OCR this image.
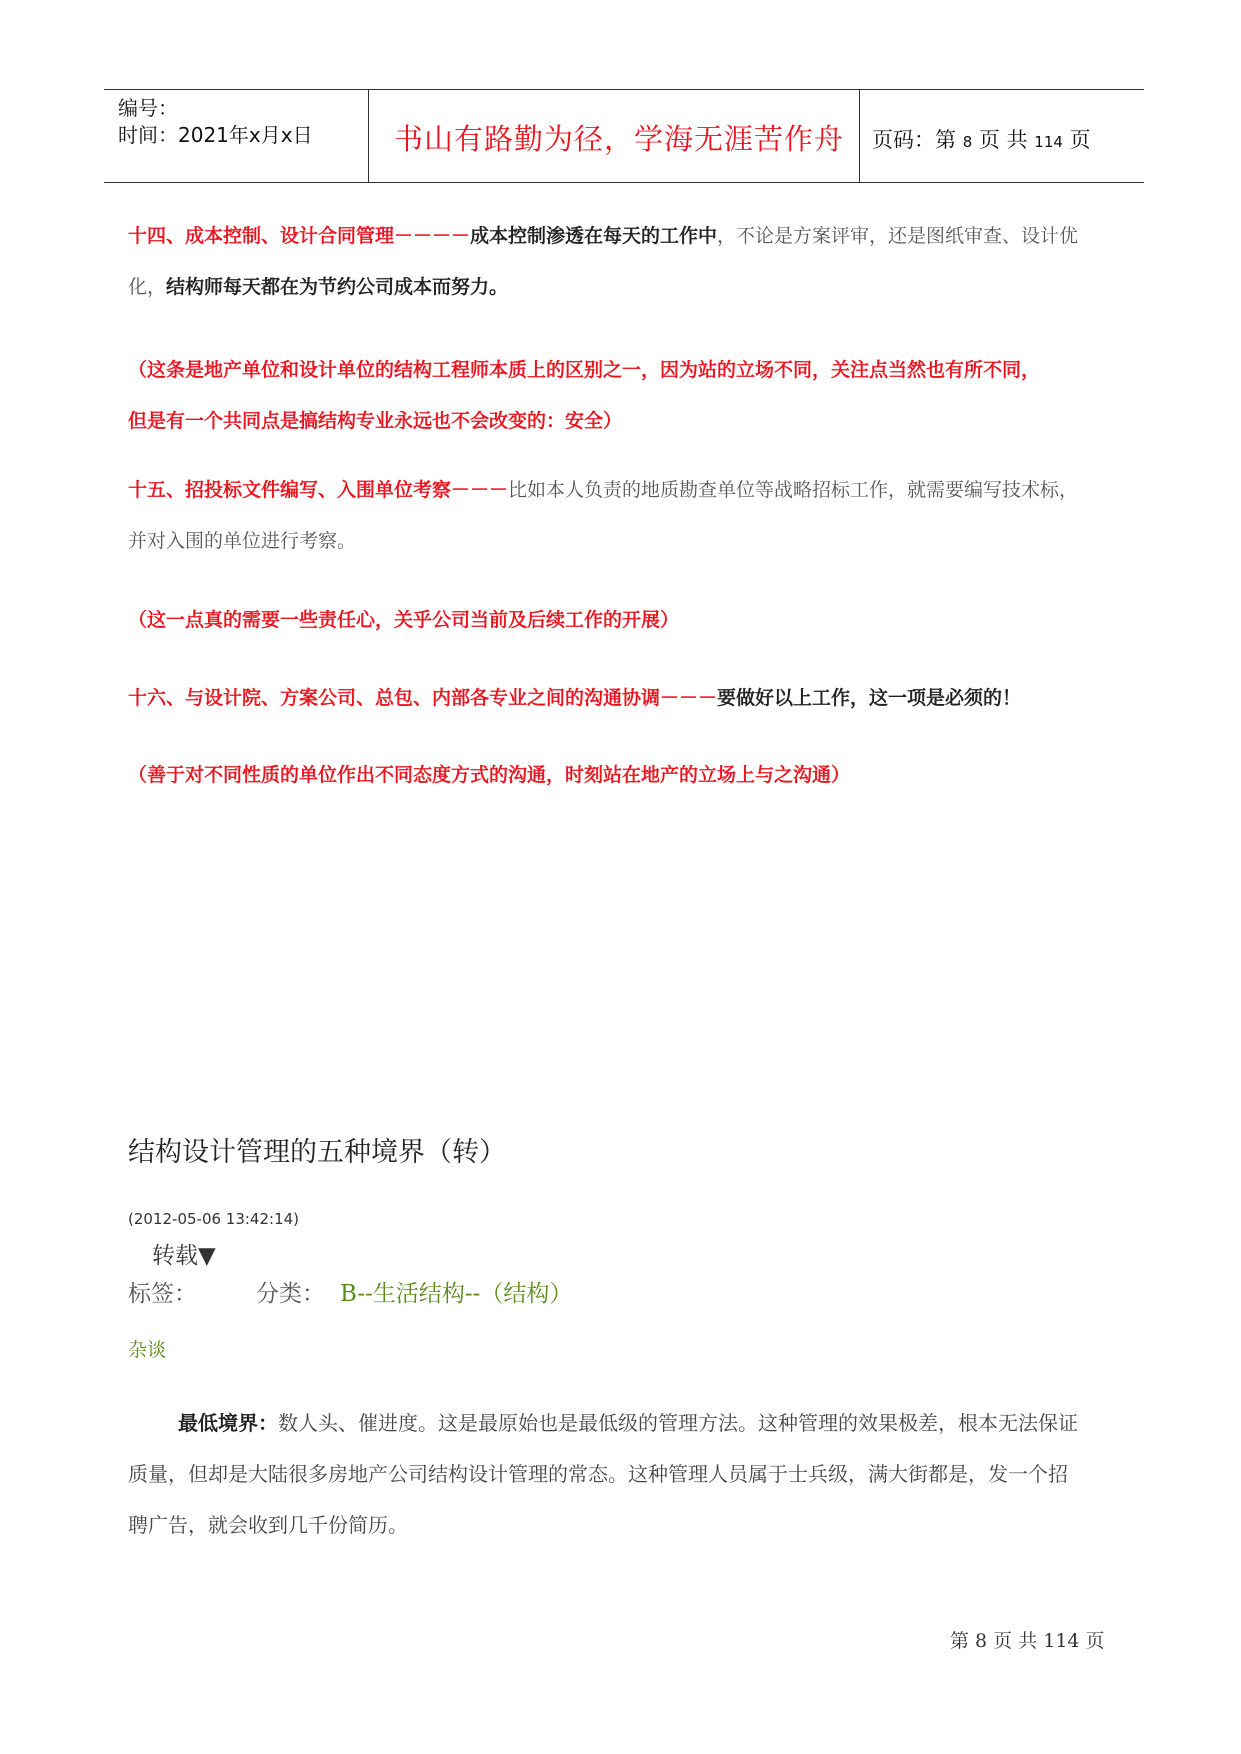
编号：
时间：2021年x月x日	书山有路勤为径，学海无涯苦作舟 页码：第 8 页 共 114 页
十四、成本控制、设计合同管理－－－－成本控制渗透在每天的工作中，不论是方案评审，还是图纸审查、设计优
化，结构师每天都在为节约公司成本而努力。
（这条是地产单位和设计单位的结构工程师本质上的区别之一，因为站的立场不同，关注点当然也有所不同，
但是有一个共同点是搞结构专业永远也不会改变的：安全）
十五、招投标文件编写、入围单位考察－－－比如本人负责的地质勘查单位等战略招标工作，就需要编写技术标，
并对入围的单位进行考察。
（这一点真的需要一些责任心，关乎公司当前及后续工作的开展）
十六、与设计院、方案公司、总包、内部各专业之间的沟通协调－－－要做好以上工作，这一项是必须的！
（善于对不同性质的单位作出不同态度方式的沟通，时刻站在地产的立场上与之沟通）
结构设计管理的五种境界（转）
(2012-05-06 13:42:14)
转载▼
标签：	分类： B--生活结构--（结构）
杂谈
最低境界：数人头、催进度。这是最原始也是最低级的管理方法。这种管理的效果极差，根本无法保证
质量，但却是大陆很多房地产公司结构设计管理的常态。这种管理人员属于士兵级，满大街都是，发一个招
聘广告，就会收到几千份简历。
第 8 页 共 114 页
